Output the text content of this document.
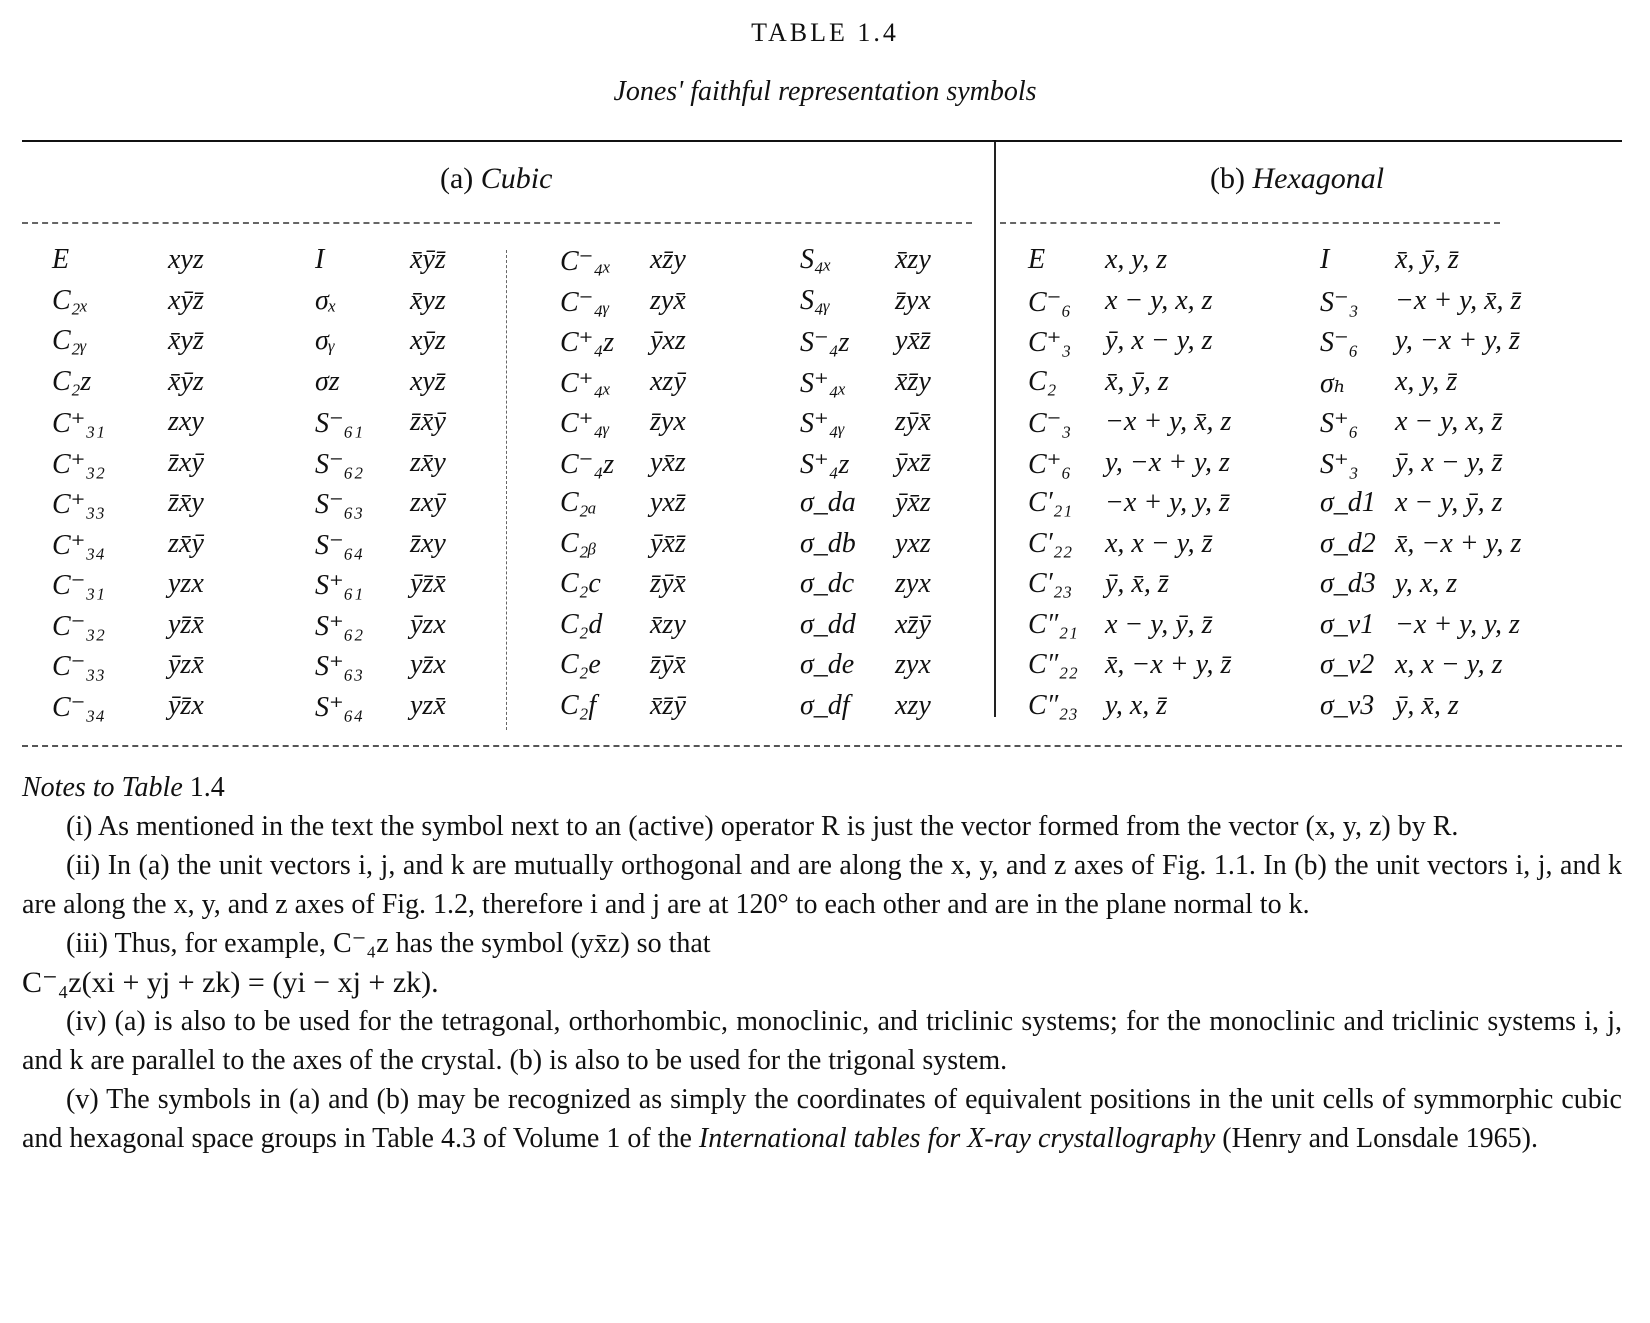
TABLE 1.4
Jones' faithful representation symbols
(a) Cubic	(b) Hexagonal
E	xyz	I	x̄ȳz̄	C⁻₄ₓ xz̄y	S₄ₓ x̄zy
C₂ₓ	xȳz̄	σₓ	x̄yz	C⁻₄ᵧ zyx̄	S₄ᵧ z̄yx
C₂ᵧ	x̄yz̄	σᵧ	xȳz	C⁺₄z ȳxz	S⁻₄z yx̄z̄
C₂z	x̄ȳz	σz	xyz̄	C⁺₄ₓ xzȳ	S⁺₄ₓ x̄z̄y
C⁺₃₁ zxy	S⁻₆₁ z̄x̄ȳ	C⁺₄ᵧ z̄yx	S⁺₄ᵧ zȳx̄
C⁺₃₂ z̄xȳ	S⁻₆₂ zx̄y	C⁻₄z yx̄z	S⁺₄z ȳxz̄
C⁺₃₃ z̄x̄y	S⁻₆₃ zxȳ	C₂ₐ yxz̄	σ_da ȳx̄z
C⁺₃₄ zx̄ȳ	S⁻₆₄ z̄xy	C₂ᵦ ȳx̄z̄	σ_db yxz
C⁻₃₁ yzx	S⁺₆₁ ȳz̄x̄	C₂c z̄ȳx̄	σ_dc zyx
C⁻₃₂ yz̄x̄	S⁺₆₂ ȳzx	C₂d x̄zy	σ_dd xz̄ȳ
C⁻₃₃ ȳzx̄	S⁺₆₃ yz̄x	C₂e z̄ȳx̄	σ_de zyx
C⁻₃₄ ȳz̄x	S⁺₆₄ yzx̄	C₂f x̄z̄ȳ	σ_df xzy
E x, y, z	I x̄, ȳ, z̄
C⁻₆ x − y, x, z	S⁻₃ −x + y, x̄, z̄
C⁺₃ ȳ, x − y, z	S⁻₆ y, −x + y, z̄
C₂ x̄, ȳ, z	σₕ x, y, z̄
C⁻₃ −x + y, x̄, z	S⁺₆ x − y, x, z̄
C⁺₆ y, −x + y, z	S⁺₃ ȳ, x − y, z̄
C′₂₁ −x + y, y, z̄	σ_d1 x − y, ȳ, z
C′₂₂ x, x − y, z̄	σ_d2 x̄, −x + y, z
C′₂₃ ȳ, x̄, z̄	σ_d3 y, x, z
C″₂₁ x − y, ȳ, z̄	σ_v1 −x + y, y, z
C″₂₂ x̄, −x + y, z̄	σ_v2 x, x − y, z
C″₂₃ y, x, z̄	σ_v3 ȳ, x̄, z

Notes to Table 1.4

(i) As mentioned in the text the symbol next to an (active) operator R is just the vector formed from the vector (x, y, z) by R.

(ii) In (a) the unit vectors i, j, and k are mutually orthogonal and are along the x, y, and z axes of Fig. 1.1. In (b) the unit vectors i, j, and k are along the x, y, and z axes of Fig. 1.2, therefore i and j are at 120° to each other and are in the plane normal to k.

(iii) Thus, for example, C⁻₄z has the symbol (yx̄z) so that

C⁻₄z(xi + yj + zk) = (yi − xj + zk).

(iv) (a) is also to be used for the tetragonal, orthorhombic, monoclinic, and triclinic systems; for the monoclinic and triclinic systems i, j, and k are parallel to the axes of the crystal. (b) is also to be used for the trigonal system.

(v) The symbols in (a) and (b) may be recognized as simply the coordinates of equivalent positions in the unit cells of symmorphic cubic and hexagonal space groups in Table 4.3 of Volume 1 of the International tables for X-ray crystallography (Henry and Lonsdale 1965).
